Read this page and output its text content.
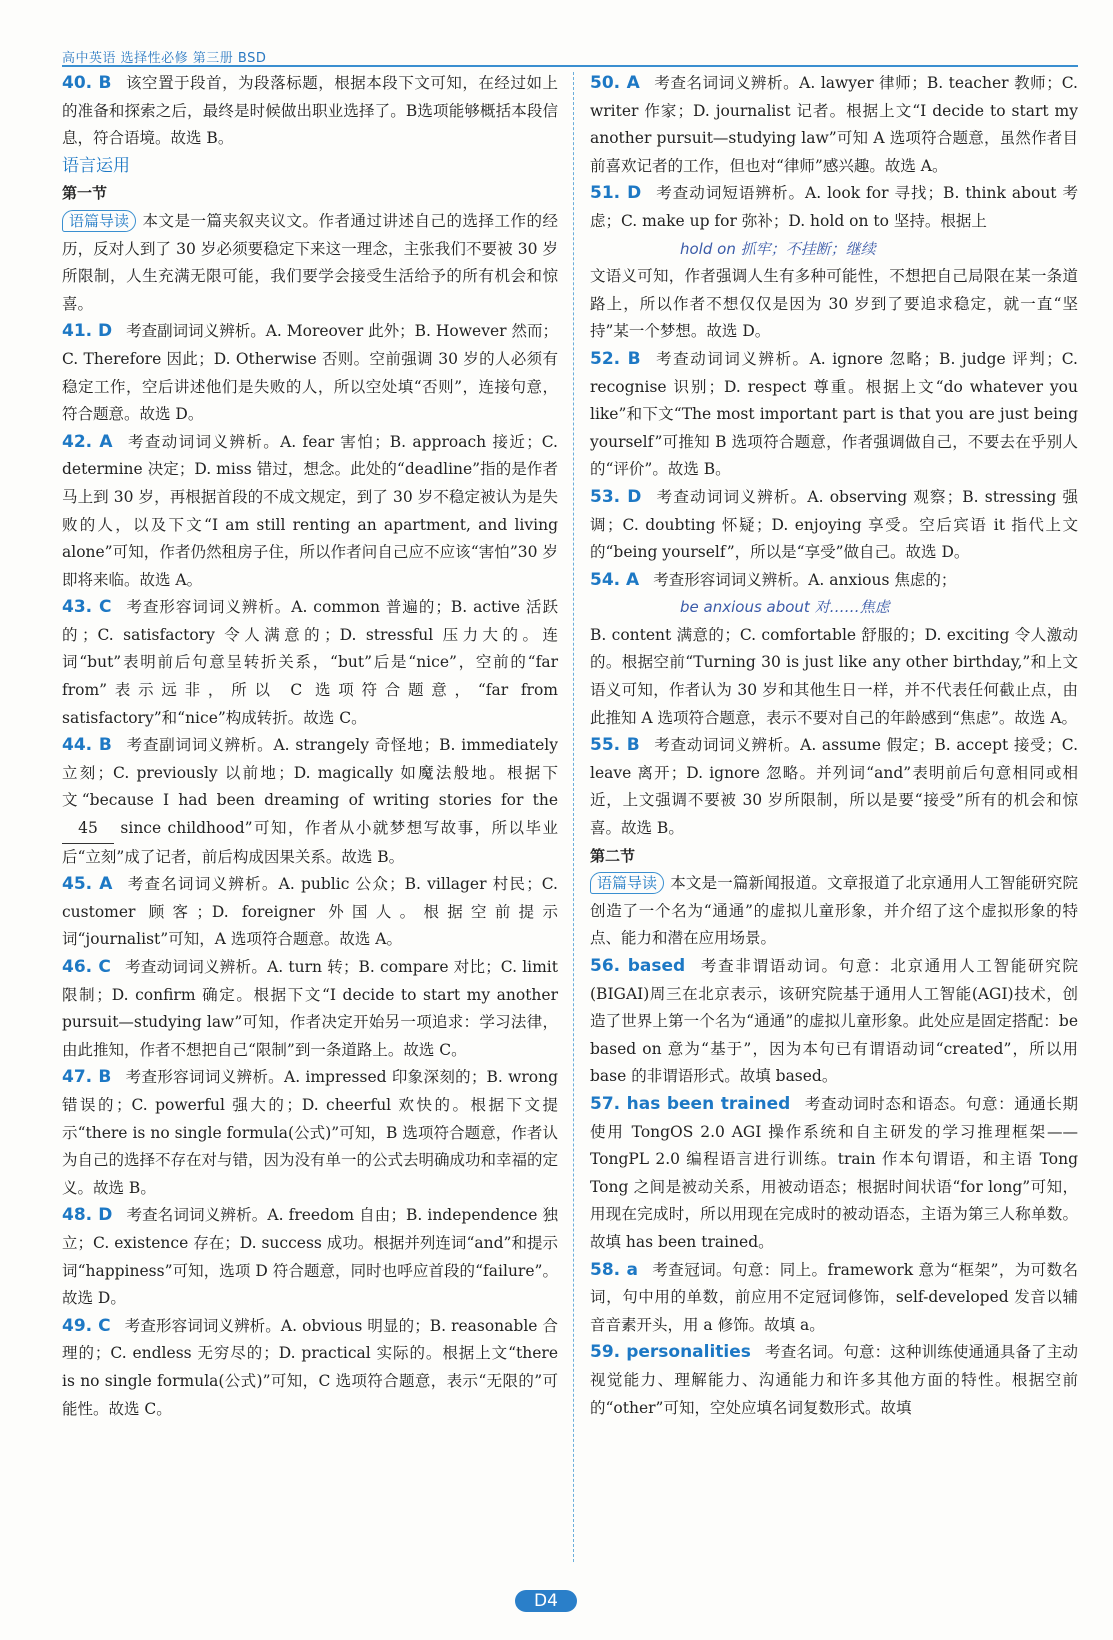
高中英语 选择性必修 第三册 BSD

40. B 该空置于段首，为段落标题，根据本段下文可知，在经过如上的准备和探索之后，最终是时候做出职业选择了。B选项能够概括本段信息，符合语境。故选 B。

语言运用

第一节

语篇导读 本文是一篇夹叙夹议文。作者通过讲述自己的选择工作的经历，反对人到了 30 岁必须要稳定下来这一理念，主张我们不要被 30 岁所限制，人生充满无限可能，我们要学会接受生活给予的所有机会和惊喜。

41. D 考查副词词义辨析。A. Moreover 此外；B. However 然而；C. Therefore 因此；D. Otherwise 否则。空前强调 30 岁的人必须有稳定工作，空后讲述他们是失败的人，所以空处填“否则”，连接句意，符合题意。故选 D。

42. A 考查动词词义辨析。A. fear 害怕；B. approach 接近；C. determine 决定；D. miss 错过，想念。此处的“deadline”指的是作者马上到 30 岁，再根据首段的不成文规定，到了 30 岁不稳定被认为是失败的人，以及下文“I am still renting an apartment, and living alone”可知，作者仍然租房子住，所以作者问自己应不应该“害怕”30 岁即将来临。故选 A。

43. C 考查形容词词义辨析。A. common 普遍的；B. active 活跃的；C. satisfactory 令人满意的；D. stressful 压力大的。连词“but”表明前后句意呈转折关系，“but”后是“nice”，空前的“far from”表示远非，所以 C 选项符合题意，“far from satisfactory”和“nice”构成转折。故选 C。

44. B 考查副词词义辨析。A. strangely 奇怪地；B. immediately 立刻；C. previously 以前地；D. magically 如魔法般地。根据下文“because I had been dreaming of writing stories for the 45 since childhood”可知，作者从小就梦想写故事，所以毕业后“立刻”成了记者，前后构成因果关系。故选 B。

45. A 考查名词词义辨析。A. public 公众；B. villager 村民；C. customer 顾客；D. foreigner 外国人。根据空前提示词“journalist”可知，A 选项符合题意。故选 A。

46. C 考查动词词义辨析。A. turn 转；B. compare 对比；C. limit 限制；D. confirm 确定。根据下文“I decide to start my another pursuit—studying law”可知，作者决定开始另一项追求：学习法律，由此推知，作者不想把自己“限制”到一条道路上。故选 C。

47. B 考查形容词词义辨析。A. impressed 印象深刻的；B. wrong 错误的；C. powerful 强大的；D. cheerful 欢快的。根据下文提示“there is no single formula(公式)”可知，B 选项符合题意，作者认为自己的选择不存在对与错，因为没有单一的公式去明确成功和幸福的定义。故选 B。

48. D 考查名词词义辨析。A. freedom 自由；B. independence 独立；C. existence 存在；D. success 成功。根据并列连词“and”和提示词“happiness”可知，选项 D 符合题意，同时也呼应首段的“failure”。故选 D。

49. C 考查形容词词义辨析。A. obvious 明显的；B. reasonable 合理的；C. endless 无穷尽的；D. practical 实际的。根据上文“there is no single formula(公式)”可知，C 选项符合题意，表示“无限的”可能性。故选 C。

50. A 考查名词词义辨析。A. lawyer 律师；B. teacher 教师；C. writer 作家；D. journalist 记者。根据上文“I decide to start my another pursuit—studying law”可知 A 选项符合题意，虽然作者目前喜欢记者的工作，但也对“律师”感兴趣。故选 A。

51. D 考查动词短语辨析。A. look for 寻找；B. think about 考虑；C. make up for 弥补；D. hold on to 坚持。根据上

hold on 抓牢；不挂断；继续

文语义可知，作者强调人生有多种可能性，不想把自己局限在某一条道路上，所以作者不想仅仅是因为 30 岁到了要追求稳定，就一直“坚持”某一个梦想。故选 D。

52. B 考查动词词义辨析。A. ignore 忽略；B. judge 评判；C. recognise 识别；D. respect 尊重。根据上文“do whatever you like”和下文“The most important part is that you are just being yourself”可推知 B 选项符合题意，作者强调做自己，不要去在乎别人的“评价”。故选 B。

53. D 考查动词词义辨析。A. observing 观察；B. stressing 强调；C. doubting 怀疑；D. enjoying 享受。空后宾语 it 指代上文的“being yourself”，所以是“享受”做自己。故选 D。

54. A 考查形容词词义辨析。A. anxious 焦虑的；

be anxious about 对……焦虑

B. content 满意的；C. comfortable 舒服的；D. exciting 令人激动的。根据空前“Turning 30 is just like any other birthday,”和上文语义可知，作者认为 30 岁和其他生日一样，并不代表任何截止点，由此推知 A 选项符合题意，表示不要对自己的年龄感到“焦虑”。故选 A。

55. B 考查动词词义辨析。A. assume 假定；B. accept 接受；C. leave 离开；D. ignore 忽略。并列词“and”表明前后句意相同或相近，上文强调不要被 30 岁所限制，所以是要“接受”所有的机会和惊喜。故选 B。

第二节

语篇导读 本文是一篇新闻报道。文章报道了北京通用人工智能研究院创造了一个名为“通通”的虚拟儿童形象，并介绍了这个虚拟形象的特点、能力和潜在应用场景。

56. based 考查非谓语动词。句意：北京通用人工智能研究院(BIGAI)周三在北京表示，该研究院基于通用人工智能(AGI)技术，创造了世界上第一个名为“通通”的虚拟儿童形象。此处应是固定搭配：be based on 意为“基于”，因为本句已有谓语动词“created”，所以用 base 的非谓语形式。故填 based。

57. has been trained 考查动词时态和语态。句意：通通长期使用 TongOS 2.0 AGI 操作系统和自主研发的学习推理框架——TongPL 2.0 编程语言进行训练。train 作本句谓语，和主语 Tong Tong 之间是被动关系，用被动语态；根据时间状语“for long”可知，用现在完成时，所以用现在完成时的被动语态，主语为第三人称单数。故填 has been trained。

58. a 考查冠词。句意：同上。framework 意为“框架”，为可数名词，句中用的单数，前应用不定冠词修饰，self-developed 发音以辅音音素开头，用 a 修饰。故填 a。

59. personalities 考查名词。句意：这种训练使通通具备了主动视觉能力、理解能力、沟通能力和许多其他方面的特性。根据空前的“other”可知，空处应填名词复数形式。故填

D4
